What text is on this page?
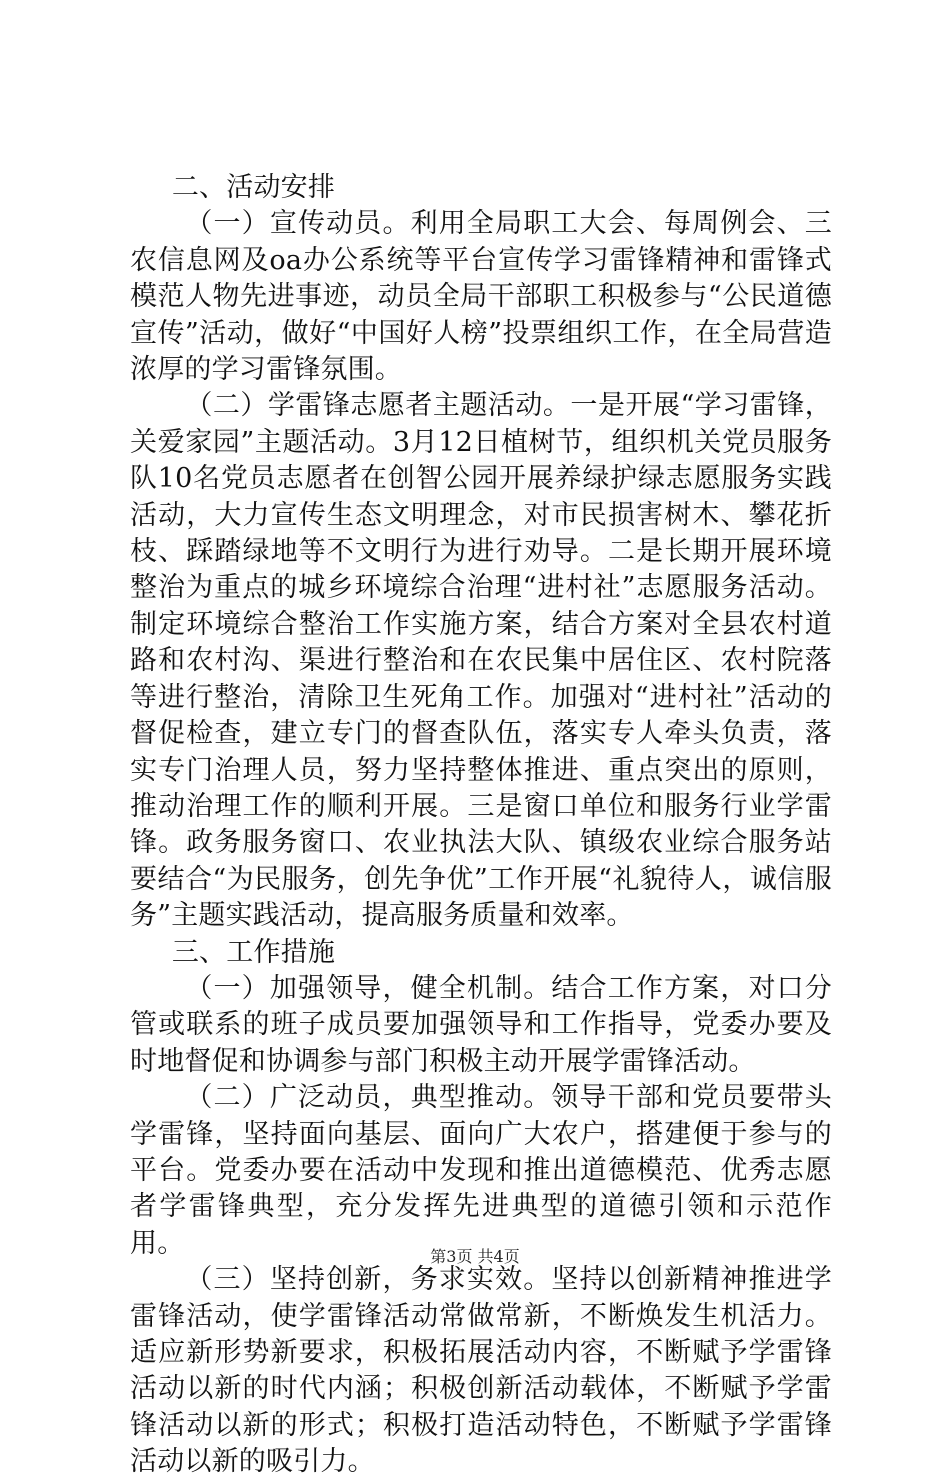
二、活动安排

（一）宣传动员。利用全局职工大会、每周例会、三农信息网及oa办公系统等平台宣传学习雷锋精神和雷锋式模范人物先进事迹，动员全局干部职工积极参与“公民道德宣传”活动，做好“中国好人榜”投票组织工作，在全局营造浓厚的学习雷锋氛围。

（二）学雷锋志愿者主题活动。一是开展“学习雷锋，关爱家园”主题活动。3月12日植树节，组织机关党员服务队10名党员志愿者在创智公园开展养绿护绿志愿服务实践活动，大力宣传生态文明理念，对市民损害树木、攀花折枝、踩踏绿地等不文明行为进行劝导。二是长期开展环境整治为重点的城乡环境综合治理“进村社”志愿服务活动。制定环境综合整治工作实施方案，结合方案对全县农村道路和农村沟、渠进行整治和在农民集中居住区、农村院落等进行整治，清除卫生死角工作。加强对“进村社”活动的督促检查，建立专门的督查队伍，落实专人牵头负责，落实专门治理人员，努力坚持整体推进、重点突出的原则，推动治理工作的顺利开展。三是窗口单位和服务行业学雷锋。政务服务窗口、农业执法大队、镇级农业综合服务站要结合“为民服务，创先争优”工作开展“礼貌待人，诚信服务”主题实践活动，提高服务质量和效率。

三、工作措施

（一）加强领导，健全机制。结合工作方案，对口分管或联系的班子成员要加强领导和工作指导，党委办要及时地督促和协调参与部门积极主动开展学雷锋活动。

（二）广泛动员，典型推动。领导干部和党员要带头学雷锋，坚持面向基层、面向广大农户，搭建便于参与的平台。党委办要在活动中发现和推出道德模范、优秀志愿者学雷锋典型，充分发挥先进典型的道德引领和示范作用。

（三）坚持创新，务求实效。坚持以创新精神推进学雷锋活动，使学雷锋活动常做常新，不断焕发生机活力。适应新形势新要求，积极拓展活动内容，不断赋予学雷锋活动以新的时代内涵；积极创新活动载体，不断赋予学雷锋活动以新的形式；积极打造活动特色，不断赋予学雷锋活动以新的吸引力。

第3页 共4页
